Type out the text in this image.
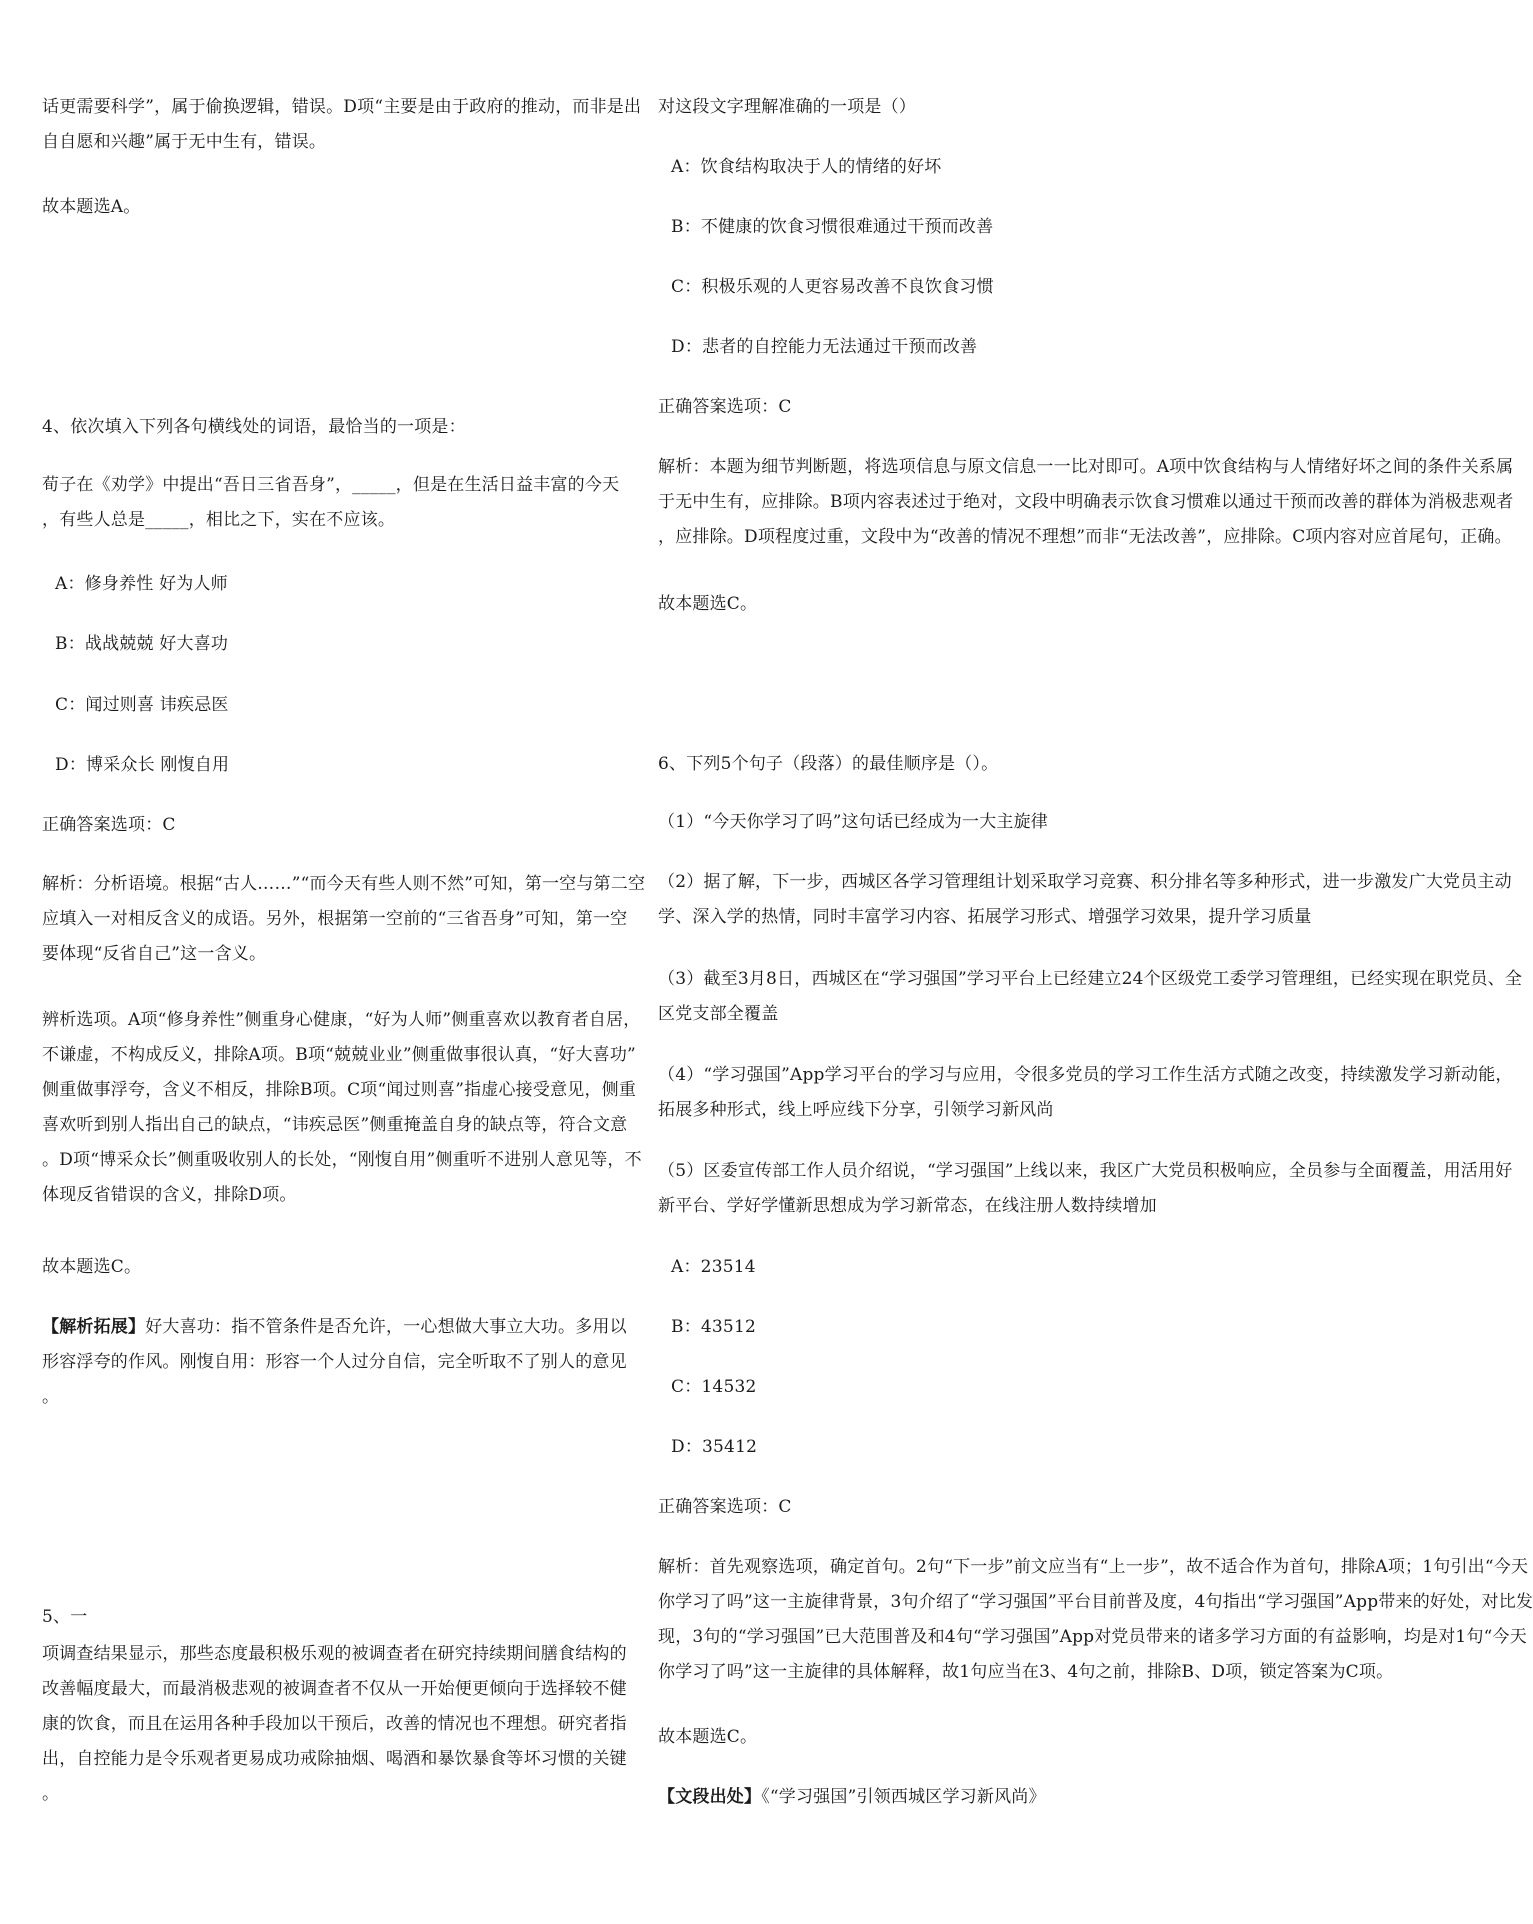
话更需要科学”，属于偷换逻辑，错误。D项“主要是由于政府的推动，而非是出
自自愿和兴趣”属于无中生有，错误。
故本题选A。
4、依次填入下列各句横线处的词语，最恰当的一项是：
荀子在《劝学》中提出“吾日三省吾身”，_____，但是在生活日益丰富的今天
，有些人总是_____，相比之下，实在不应该。
A：修身养性 好为人师
B：战战兢兢 好大喜功
C：闻过则喜 讳疾忌医
D：博采众长 刚愎自用
正确答案选项：C
解析：分析语境。根据“古人……”“而今天有些人则不然”可知，第一空与第二空
应填入一对相反含义的成语。另外，根据第一空前的“三省吾身”可知，第一空
要体现“反省自己”这一含义。
辨析选项。A项“修身养性”侧重身心健康，“好为人师”侧重喜欢以教育者自居，
不谦虚，不构成反义，排除A项。B项“兢兢业业”侧重做事很认真，“好大喜功”
侧重做事浮夸，含义不相反，排除B项。C项“闻过则喜”指虚心接受意见，侧重
喜欢听到别人指出自己的缺点，“讳疾忌医”侧重掩盖自身的缺点等，符合文意
。D项“博采众长”侧重吸收别人的长处，“刚愎自用”侧重听不进别人意见等，不
体现反省错误的含义，排除D项。
故本题选C。
【解析拓展】好大喜功：指不管条件是否允许，一心想做大事立大功。多用以
形容浮夸的作风。刚愎自用：形容一个人过分自信，完全听取不了别人的意见
。
5、一
项调查结果显示，那些态度最积极乐观的被调查者在研究持续期间膳食结构的
改善幅度最大，而最消极悲观的被调查者不仅从一开始便更倾向于选择较不健
康的饮食，而且在运用各种手段加以干预后，改善的情况也不理想。研究者指
出，自控能力是令乐观者更易成功戒除抽烟、喝酒和暴饮暴食等坏习惯的关键
。
对这段文字理解准确的一项是（）
A：饮食结构取决于人的情绪的好坏
B：不健康的饮食习惯很难通过干预而改善
C：积极乐观的人更容易改善不良饮食习惯
D：悲者的自控能力无法通过干预而改善
正确答案选项：C
解析：本题为细节判断题，将选项信息与原文信息一一比对即可。A项中饮食结构与人情绪好坏之间的条件关系属
于无中生有，应排除。B项内容表述过于绝对，文段中明确表示饮食习惯难以通过干预而改善的群体为消极悲观者
，应排除。D项程度过重，文段中为“改善的情况不理想”而非“无法改善”，应排除。C项内容对应首尾句，正确。
故本题选C。
6、下列5个句子（段落）的最佳顺序是（）。
（1）“今天你学习了吗”这句话已经成为一大主旋律
（2）据了解，下一步，西城区各学习管理组计划采取学习竞赛、积分排名等多种形式，进一步激发广大党员主动
学、深入学的热情，同时丰富学习内容、拓展学习形式、增强学习效果，提升学习质量
（3）截至3月8日，西城区在“学习强国”学习平台上已经建立24个区级党工委学习管理组，已经实现在职党员、全
区党支部全覆盖
（4）“学习强国”App学习平台的学习与应用，令很多党员的学习工作生活方式随之改变，持续激发学习新动能，
拓展多种形式，线上呼应线下分享，引领学习新风尚
（5）区委宣传部工作人员介绍说，“学习强国”上线以来，我区广大党员积极响应，全员参与全面覆盖，用活用好
新平台、学好学懂新思想成为学习新常态，在线注册人数持续增加
A：23514
B：43512
C：14532
D：35412
正确答案选项：C
解析：首先观察选项，确定首句。2句“下一步”前文应当有“上一步”，故不适合作为首句，排除A项；1句引出“今天
你学习了吗”这一主旋律背景，3句介绍了“学习强国”平台目前普及度，4句指出“学习强国”App带来的好处，对比发
现，3句的“学习强国”已大范围普及和4句“学习强国”App对党员带来的诸多学习方面的有益影响，均是对1句“今天
你学习了吗”这一主旋律的具体解释，故1句应当在3、4句之前，排除B、D项，锁定答案为C项。
故本题选C。
【文段出处】《“学习强国”引领西城区学习新风尚》
